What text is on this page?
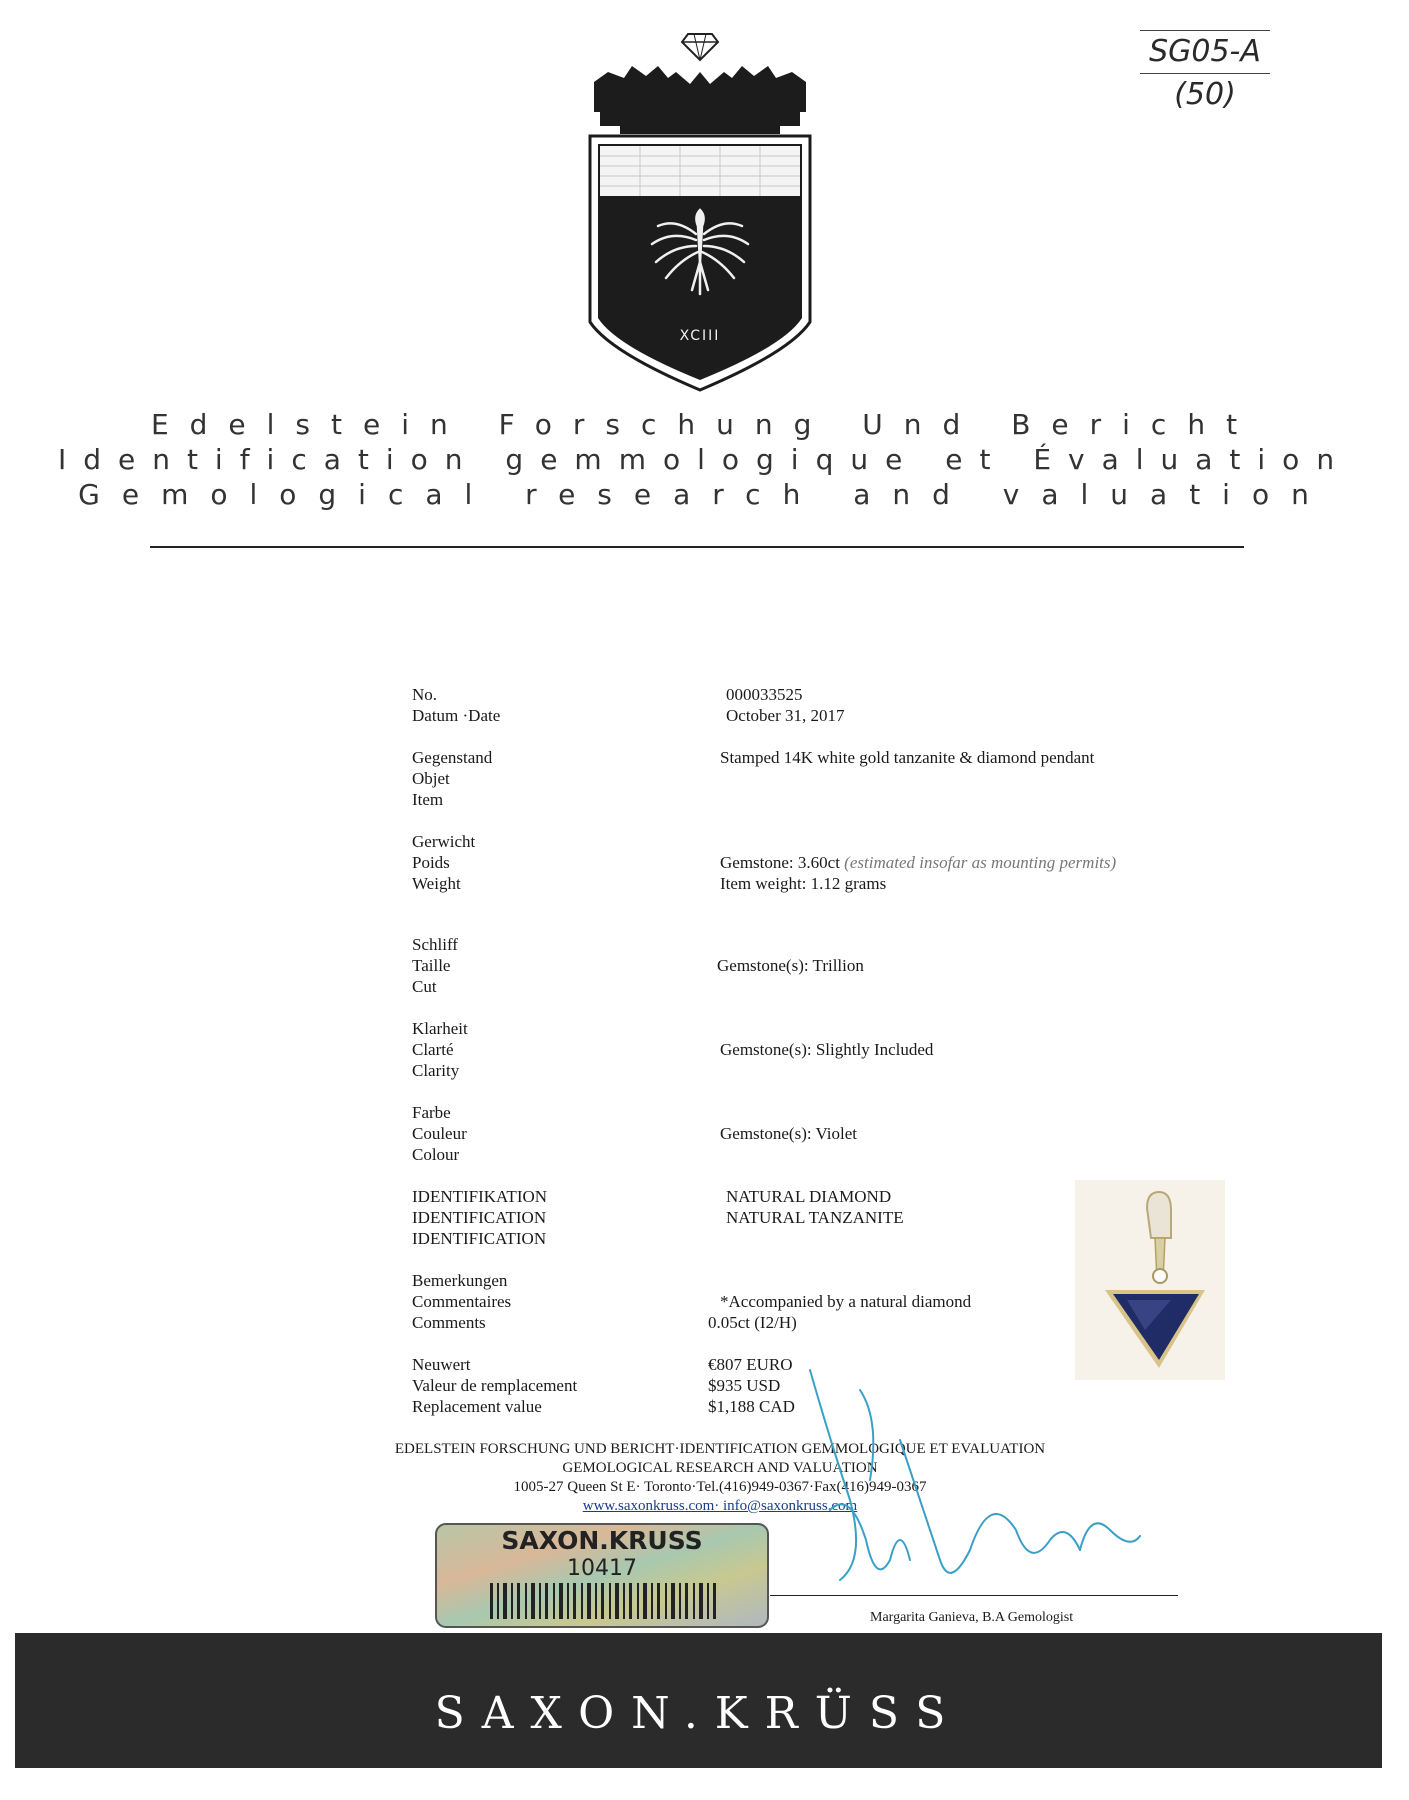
SG05-A
(50)
XCIII
Edelstein Forschung Und Bericht
Identification gemmologique et Évaluation
Gemological research and valuation
No.	000033525
Datum ·Date	October 31, 2017
Gegenstand
Objet
Item
Stamped 14K white gold tanzanite & diamond pendant
Gerwicht
Poids
Weight
Gemstone: 3.60ct (estimated insofar as mounting permits)
Item weight: 1.12 grams
Schliff
Taille
Cut
Gemstone(s): Trillion
Klarheit
Clarté
Clarity
Gemstone(s): Slightly Included
Farbe
Couleur
Colour
Gemstone(s): Violet
IDENTIFIKATION
IDENTIFICATION
IDENTIFICATION
NATURAL DIAMOND
NATURAL TANZANITE
Bemerkungen
Commentaires
Comments
*Accompanied by a natural diamond
0.05ct (I2/H)
Neuwert
Valeur de remplacement
Replacement value
€807 EURO
$935 USD
$1,188 CAD
EDELSTEIN FORSCHUNG UND BERICHT·IDENTIFICATION GEMMOLOGIQUE ET EVALUATION
GEMOLOGICAL RESEARCH AND VALUATION
1005-27 Queen St E· Toronto·Tel.(416)949-0367·Fax(416)949-0367
www.saxonkruss.com· info@saxonkruss.com
SAXON.KRUSS
10417
Margarita Ganieva, B.A Gemologist
SAXON.KRÜSS
